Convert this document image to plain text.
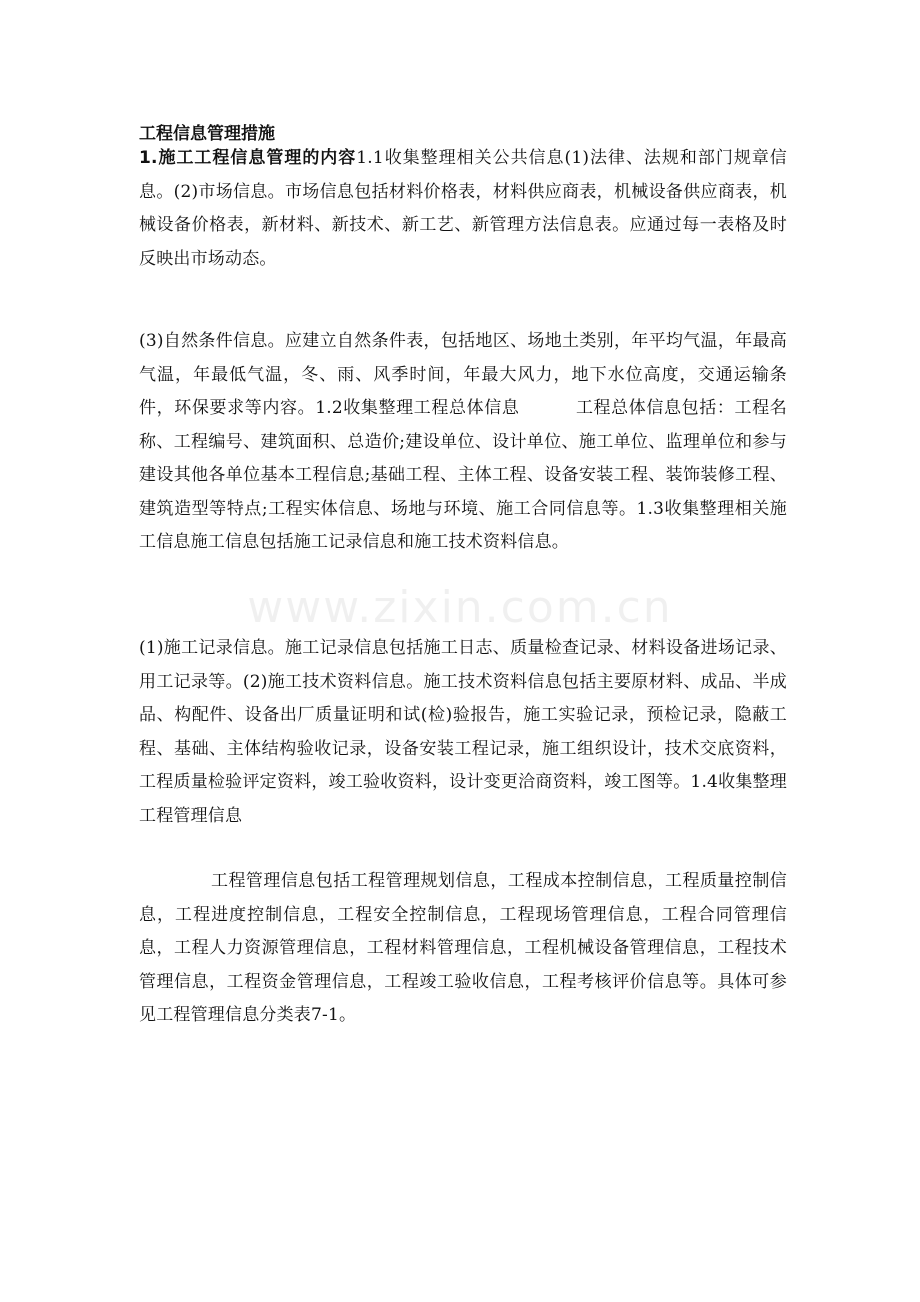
工程信息管理措施

1.施工工程信息管理的内容1.1收集整理相关公共信息(1)法律、法规和部门规章信息。(2)市场信息。市场信息包括材料价格表，材料供应商表，机械设备供应商表，机械设备价格表，新材料、新技术、新工艺、新管理方法信息表。应通过每一表格及时反映出市场动态。

(3)自然条件信息。应建立自然条件表，包括地区、场地土类别，年平均气温，年最高气温，年最低气温，冬、雨、风季时间，年最大风力，地下水位高度，交通运输条件，环保要求等内容。1.2收集整理工程总体信息	工程总体信息包括：工程名称、工程编号、建筑面积、总造价;建设单位、设计单位、施工单位、监理单位和参与建设其他各单位基本工程信息;基础工程、主体工程、设备安装工程、装饰装修工程、建筑造型等特点;工程实体信息、场地与环境、施工合同信息等。1.3收集整理相关施工信息施工信息包括施工记录信息和施工技术资料信息。

(1)施工记录信息。施工记录信息包括施工日志、质量检查记录、材料设备进场记录、用工记录等。(2)施工技术资料信息。施工技术资料信息包括主要原材料、成品、半成品、构配件、设备出厂质量证明和试(检)验报告，施工实验记录，预检记录，隐蔽工程、基础、主体结构验收记录，设备安装工程记录，施工组织设计，技术交底资料，工程质量检验评定资料，竣工验收资料，设计变更洽商资料，竣工图等。1.4收集整理工程管理信息

工程管理信息包括工程管理规划信息，工程成本控制信息，工程质量控制信息，工程进度控制信息，工程安全控制信息，工程现场管理信息，工程合同管理信息，工程人力资源管理信息，工程材料管理信息，工程机械设备管理信息，工程技术管理信息，工程资金管理信息，工程竣工验收信息，工程考核评价信息等。具体可参见工程管理信息分类表7-1。

www.zixin.com.cn
